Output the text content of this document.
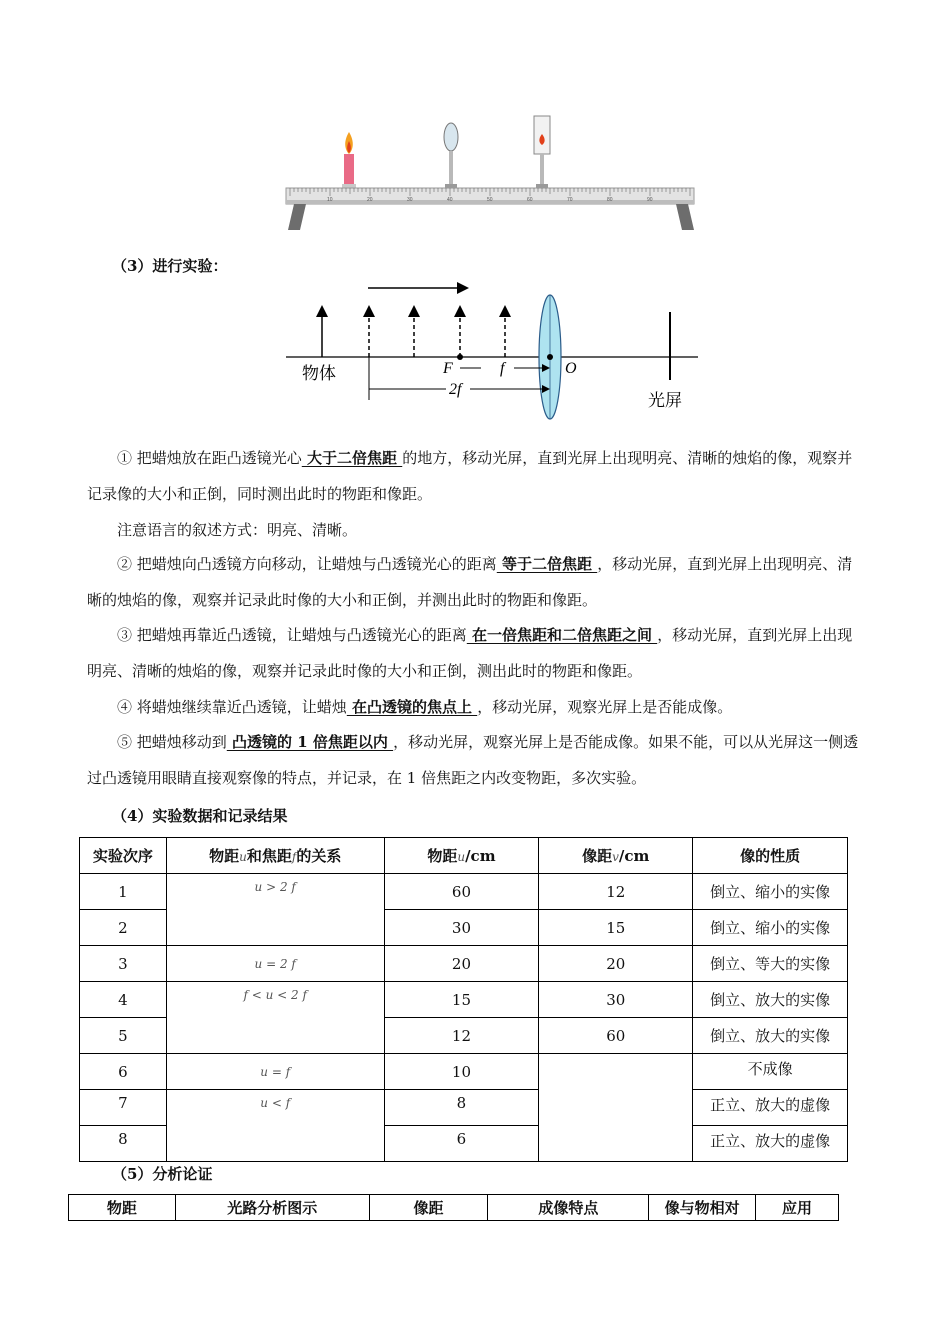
10	20	30	40	50	60	70	80	90
（3）进行实验：
物体	F	f	O
2f
光屏
① 把蜡烛放在距凸透镜光心 大于二倍焦距 的地方，移动光屏，直到光屏上出现明亮、清晰的烛焰的像，观察并记录像的大小和正倒，同时测出此时的物距和像距。
注意语言的叙述方式：明亮、清晰。
② 把蜡烛向凸透镜方向移动，让蜡烛与凸透镜光心的距离 等于二倍焦距 ，移动光屏，直到光屏上出现明亮、清晰的烛焰的像，观察并记录此时像的大小和正倒，并测出此时的物距和像距。
③ 把蜡烛再靠近凸透镜，让蜡烛与凸透镜光心的距离 在一倍焦距和二倍焦距之间 ，移动光屏，直到光屏上出现明亮、清晰的烛焰的像，观察并记录此时像的大小和正倒，测出此时的物距和像距。
④ 将蜡烛继续靠近凸透镜，让蜡烛 在凸透镜的焦点上 ，移动光屏，观察光屏上是否能成像。
⑤ 把蜡烛移动到 凸透镜的 1 倍焦距以内 ，移动光屏，观察光屏上是否能成像。如果不能，可以从光屏这一侧透过凸透镜用眼睛直接观察像的特点，并记录，在 1 倍焦距之内改变物距，多次实验。
（4）实验数据和记录结果
实验次序	物距u和焦距f的关系	物距u/cm	像距v/cm	像的性质
1	u > 2 f	60	12	倒立、缩小的实像
2		30	15	倒立、缩小的实像
3	u = 2 f	20	20	倒立、等大的实像
4	f < u < 2 f	15	30	倒立、放大的实像
5		12	60	倒立、放大的实像
6	u = f	10		不成像
7	u < f	8		正立、放大的虚像
8		6		正立、放大的虚像
（5）分析论证
物距	光路分析图示	像距	成像特点	像与物相对	应用
